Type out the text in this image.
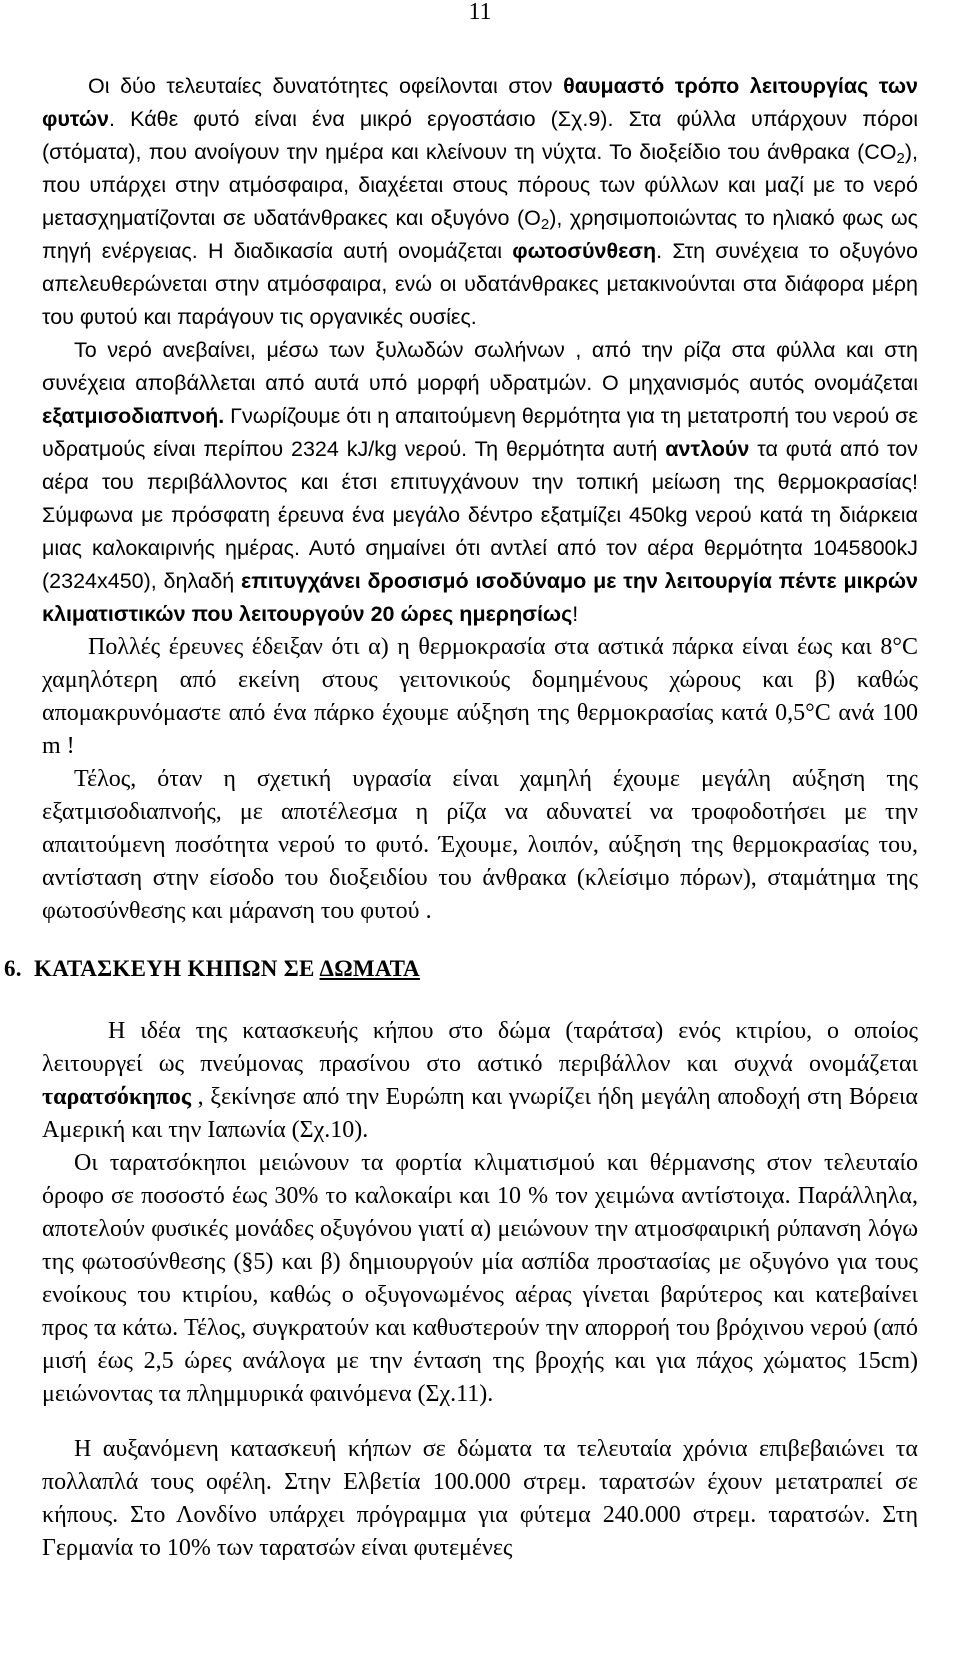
11

Οι δύο τελευταίες δυνατότητες οφείλονται στον θαυμαστό τρόπο λειτουργίας των φυτών. Κάθε φυτό είναι ένα μικρό εργοστάσιο (Σχ.9). Στα φύλλα υπάρχουν πόροι (στόματα), που ανοίγουν την ημέρα και κλείνουν τη νύχτα. Το διοξείδιο του άνθρακα $(CO_2)$, που υπάρχει στην ατμόσφαιρα, διαχέεται στους πόρους των φύλλων και μαζί με το νερό μετασχηματίζονται σε υδατάνθρακες και οξυγόνο $(O_2)$, χρησιμοποιώντας το ηλιακό φως ως πηγή ενέργειας. Η διαδικασία αυτή ονομάζεται φωτοσύνθεση. Στη συνέχεια το οξυγόνο απελευθερώνεται στην ατμόσφαιρα, ενώ οι υδατάνθρακες μετακινούνται στα διάφορα μέρη του φυτού και παράγουν τις οργανικές ουσίες.

Το νερό ανεβαίνει, μέσω των ξυλωδών σωλήνων , από την ρίζα στα φύλλα και στη συνέχεια αποβάλλεται από αυτά υπό μορφή υδρατμών. Ο μηχανισμός αυτός ονομάζεται εξατμισοδιαπνοή. Γνωρίζουμε ότι η απαιτούμενη θερμότητα για τη μετατροπή του νερού σε υδρατμούς είναι περίπου 2324 kJ/kg νερού. Τη θερμότητα αυτή αντλούν τα φυτά από τον αέρα του περιβάλλοντος και έτσι επιτυγχάνουν την τοπική μείωση της θερμοκρασίας! Σύμφωνα με πρόσφατη έρευνα ένα μεγάλο δέντρο εξατμίζει 450kg νερού κατά τη διάρκεια μιας καλοκαιρινής ημέρας. Αυτό σημαίνει ότι αντλεί από τον αέρα θερμότητα 1045800kJ (2324x450), δηλαδή επιτυγχάνει δροσισμό ισοδύναμο με την λειτουργία πέντε μικρών κλιματιστικών που λειτουργούν 20 ώρες ημερησίως!

Πολλές έρευνες έδειξαν ότι α) η θερμοκρασία στα αστικά πάρκα είναι έως και 8°C χαμηλότερη από εκείνη στους γειτονικούς δομημένους χώρους και β) καθώς απομακρυνόμαστε από ένα πάρκο έχουμε αύξηση της θερμοκρασίας κατά 0,5°C ανά 100 m !

Τέλος, όταν η σχετική υγρασία είναι χαμηλή έχουμε μεγάλη αύξηση της εξατμισοδιαπνοής, με αποτέλεσμα η ρίζα να αδυνατεί να τροφοδοτήσει με την απαιτούμενη ποσότητα νερού το φυτό. Έχουμε, λοιπόν, αύξηση της θερμοκρασίας του, αντίσταση στην είσοδο του διοξειδίου του άνθρακα (κλείσιμο πόρων), σταμάτημα της φωτοσύνθεσης και μάρανση του φυτού .

6. ΚΑΤΑΣΚΕΥΗ ΚΗΠΩΝ ΣΕ ΔΩΜΑΤΑ

Η ιδέα της κατασκευής κήπου στο δώμα (ταράτσα) ενός κτιρίου, ο οποίος λειτουργεί ως πνεύμονας πρασίνου στο αστικό περιβάλλον και συχνά ονομάζεται ταρατσόκηπος , ξεκίνησε από την Ευρώπη και γνωρίζει ήδη μεγάλη αποδοχή στη Βόρεια Αμερική και την Ιαπωνία (Σχ.10).

Οι ταρατσόκηποι μειώνουν τα φορτία κλιματισμού και θέρμανσης στον τελευταίο όροφο σε ποσοστό έως 30% το καλοκαίρι και 10 % τον χειμώνα αντίστοιχα. Παράλληλα, αποτελούν φυσικές μονάδες οξυγόνου γιατί α) μειώνουν την ατμοσφαιρική ρύπανση λόγω της φωτοσύνθεσης (§5) και β) δημιουργούν μία ασπίδα προστασίας με οξυγόνο για τους ενοίκους του κτιρίου, καθώς ο οξυγονωμένος αέρας γίνεται βαρύτερος και κατεβαίνει προς τα κάτω. Τέλος, συγκρατούν και καθυστερούν την απορροή του βρόχινου νερού (από μισή έως 2,5 ώρες ανάλογα με την ένταση της βροχής και για πάχος χώματος 15cm) μειώνοντας τα πλημμυρικά φαινόμενα (Σχ.11).

Η αυξανόμενη κατασκευή κήπων σε δώματα τα τελευταία χρόνια επιβεβαιώνει τα πολλαπλά τους οφέλη. Στην Ελβετία 100.000 στρεμ. ταρατσών έχουν μετατραπεί σε κήπους. Στο Λονδίνο υπάρχει πρόγραμμα για φύτεμα 240.000 στρεμ. ταρατσών. Στη Γερμανία το 10% των ταρατσών είναι φυτεμένες
